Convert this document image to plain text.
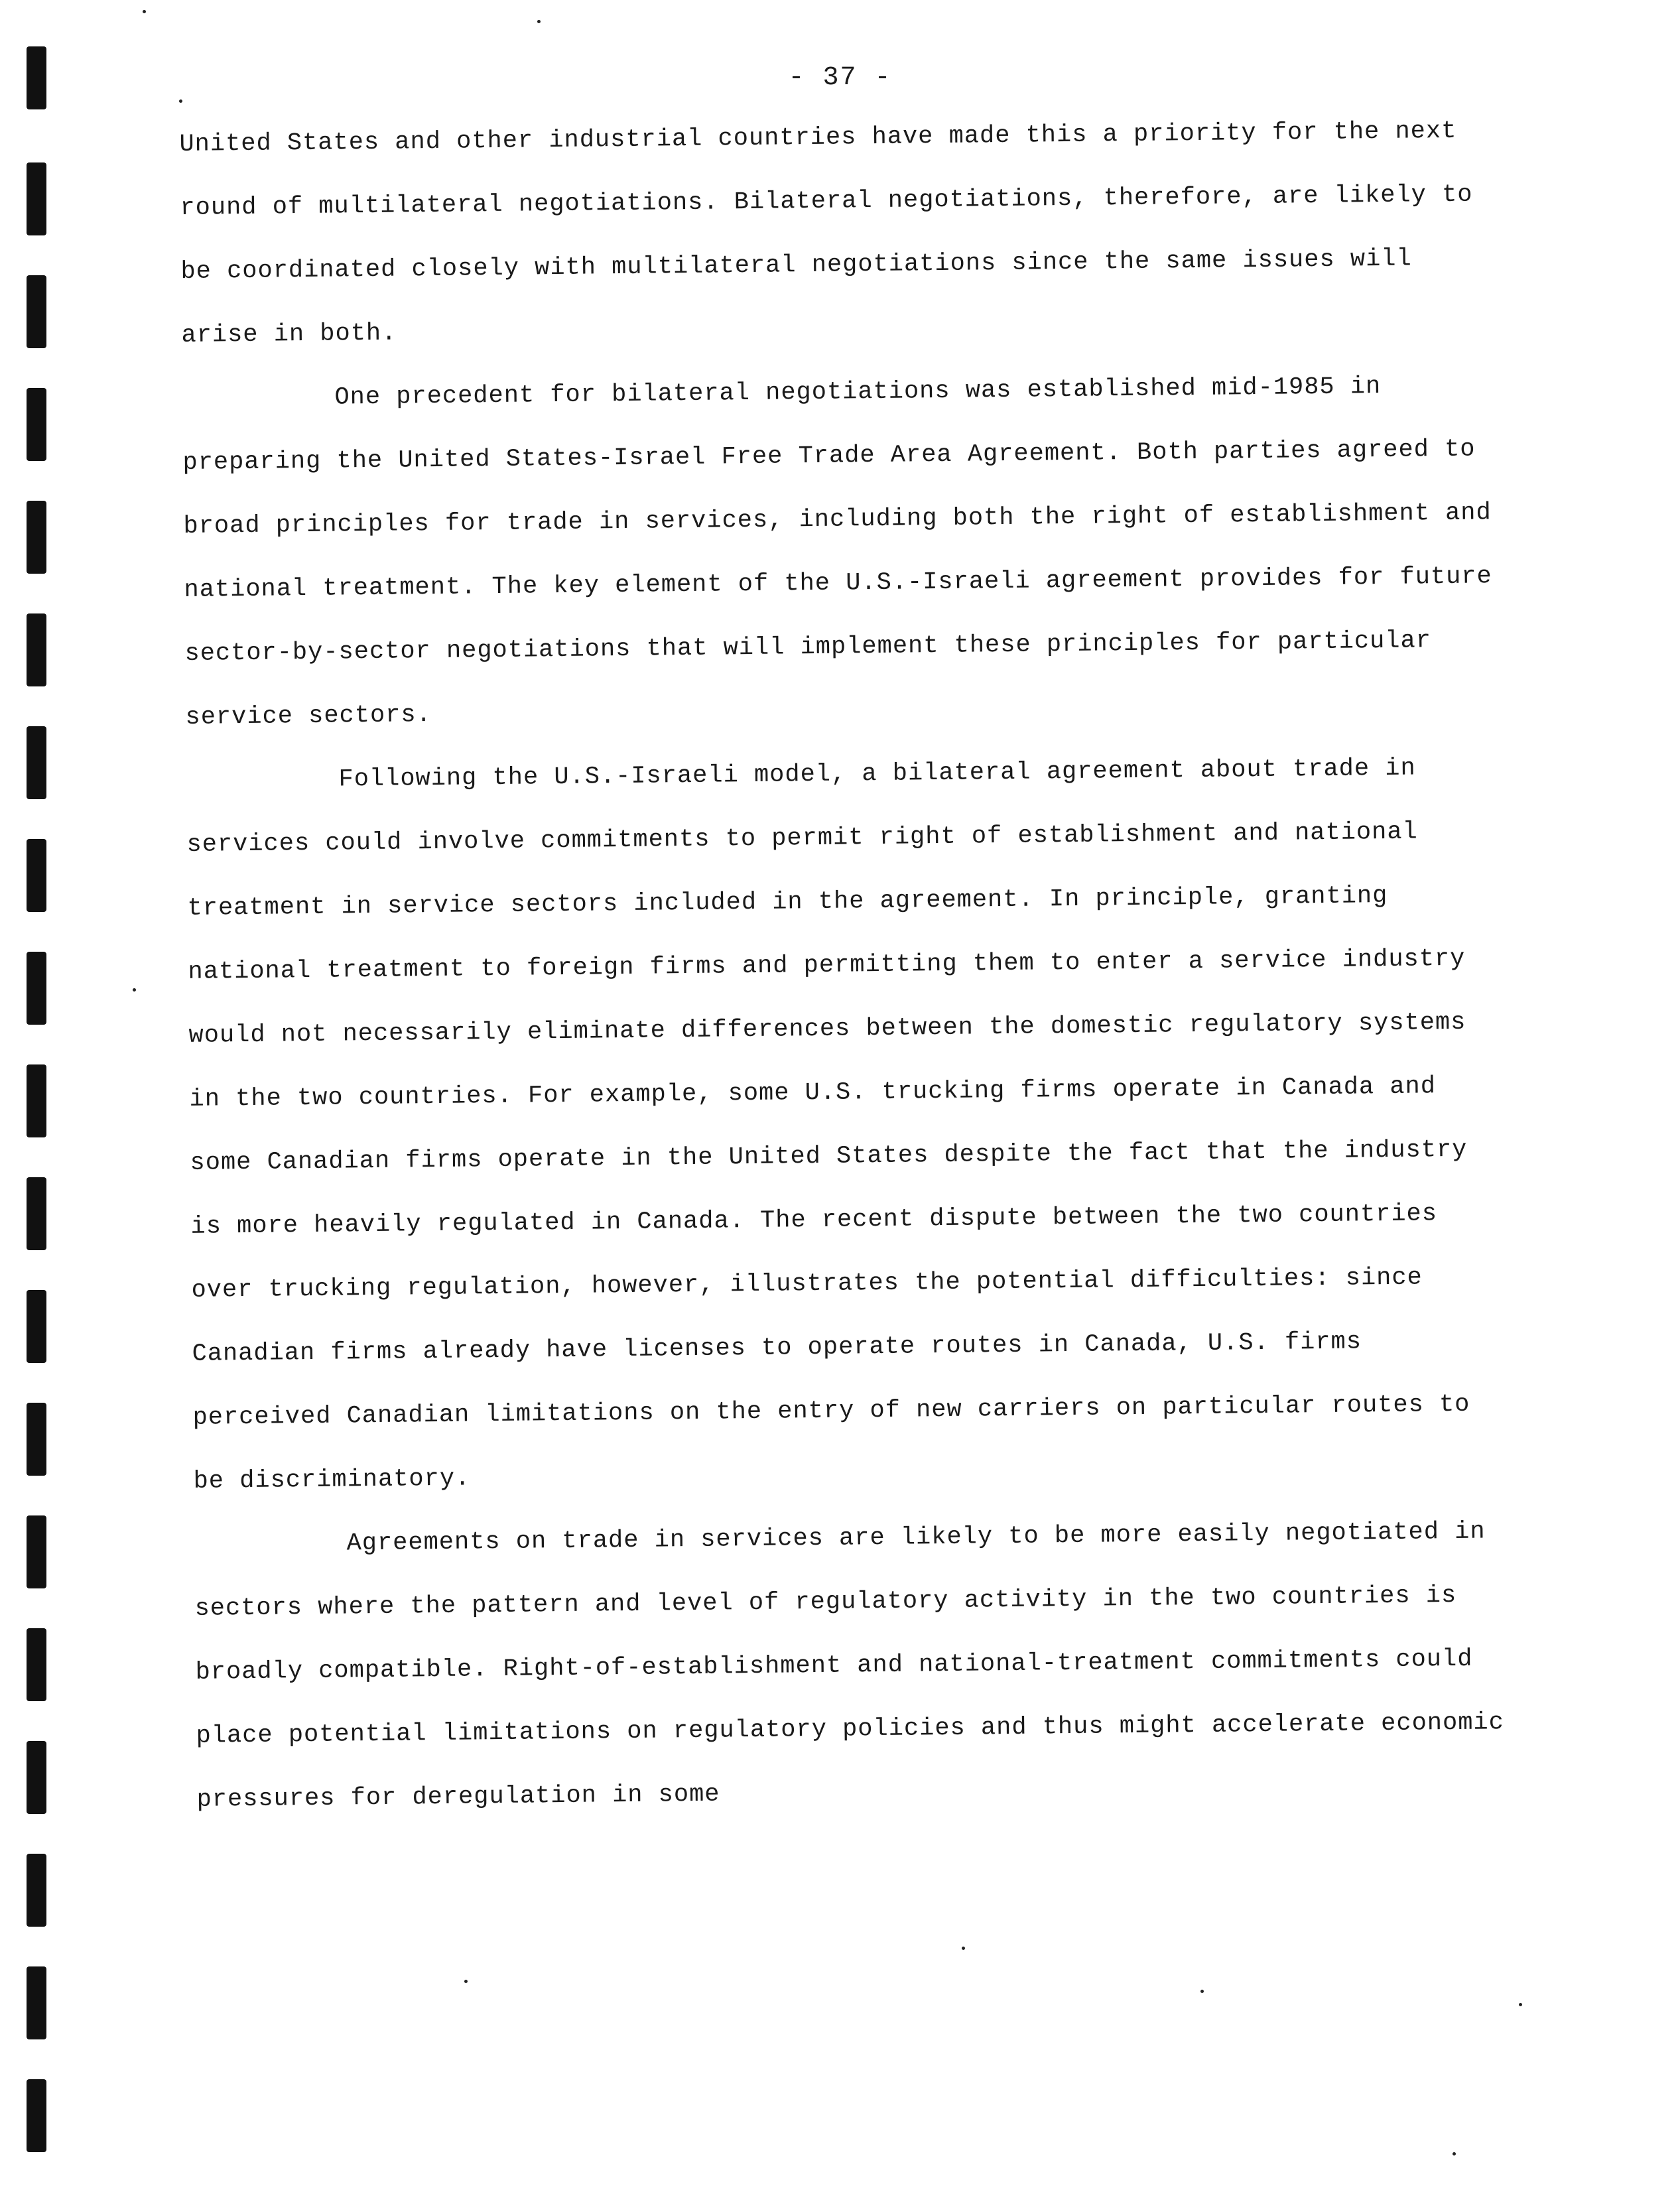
- 37 -

United States and other industrial countries have made this a priority for the next round of multilateral negotiations. Bilateral negotiations, therefore, are likely to be coordinated closely with multilateral negotiations since the same issues will arise in both.

One precedent for bilateral negotiations was established mid-1985 in preparing the United States-Israel Free Trade Area Agreement. Both parties agreed to broad principles for trade in services, including both the right of establishment and national treatment. The key element of the U.S.-Israeli agreement provides for future sector-by-sector negotiations that will implement these principles for particular service sectors.

Following the U.S.-Israeli model, a bilateral agreement about trade in services could involve commitments to permit right of establishment and national treatment in service sectors included in the agreement. In principle, granting national treatment to foreign firms and permitting them to enter a service industry would not necessarily eliminate differences between the domestic regulatory systems in the two countries. For example, some U.S. trucking firms operate in Canada and some Canadian firms operate in the United States despite the fact that the industry is more heavily regulated in Canada. The recent dispute between the two countries over trucking regulation, however, illustrates the potential difficulties: since Canadian firms already have licenses to operate routes in Canada, U.S. firms perceived Canadian limitations on the entry of new carriers on particular routes to be discriminatory.

Agreements on trade in services are likely to be more easily negotiated in sectors where the pattern and level of regulatory activity in the two countries is broadly compatible. Right-of-establishment and national-treatment commitments could place potential limitations on regulatory policies and thus might accelerate economic pressures for deregulation in some
